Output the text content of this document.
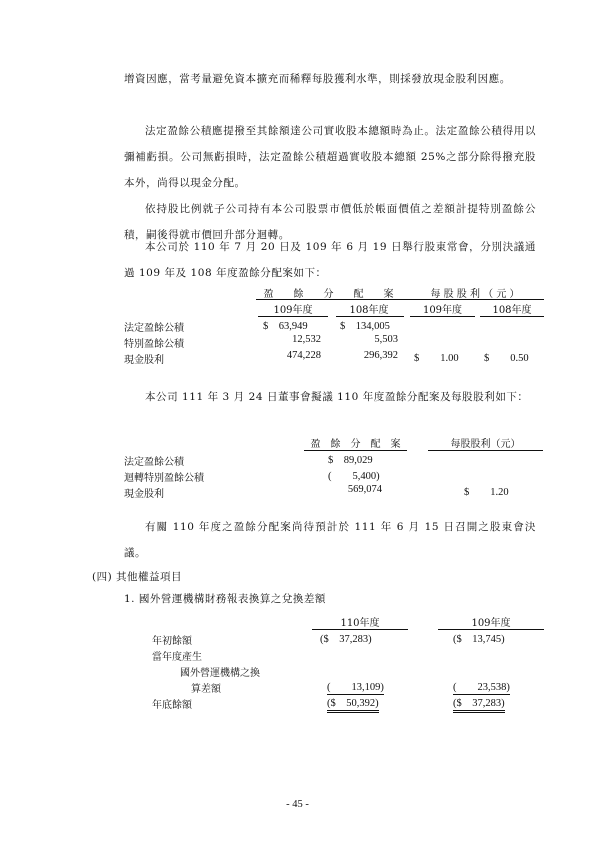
增資因應，當考量避免資本擴充而稀釋每股獲利水準，則採發放現金股利因應。
法定盈餘公積應提撥至其餘額達公司實收股本總額時為止。法定盈餘公積得用以彌補虧損。公司無虧損時，法定盈餘公積超過實收股本總額 25%之部分除得撥充股本外，尚得以現金分配。
依持股比例就子公司持有本公司股票市價低於帳面價值之差額計提特別盈餘公積，嗣後得就市價回升部分迴轉。
本公司於 110 年 7 月 20 日及 109 年 6 月 19 日舉行股東常會，分別決議通過 109 年及 108 年度盈餘分配案如下：
盈　　餘　　分　　配　　案	每 股 股 利 （ 元 ）
109年度	108年度	109年度	108年度
法定盈餘公積	$　63,949	$　134,005
特別盈餘公積	12,532	5,503
現金股利	474,228	296,392 $　　1.00 $　　0.50
本公司 111 年 3 月 24 日董事會擬議 110 年度盈餘分配案及每股股利如下：
盈　餘　分　配　案	每股股利（元）
法定盈餘公積	$　89,029
迴轉特別盈餘公積	(　　5,400)
現金股利	569,074	$　　1.20
有關 110 年度之盈餘分配案尚待預計於 111 年 6 月 15 日召開之股東會決議。
(四) 其他權益項目
1. 國外營運機構財務報表換算之兌換差額
110年度	109年度
年初餘額	($　37,283)	($　13,745)
當年度產生
國外營運機構之換
算差額	(　　13,109)	(　　23,538)
年底餘額	($　50,392)	($　37,283)
- 45 -
